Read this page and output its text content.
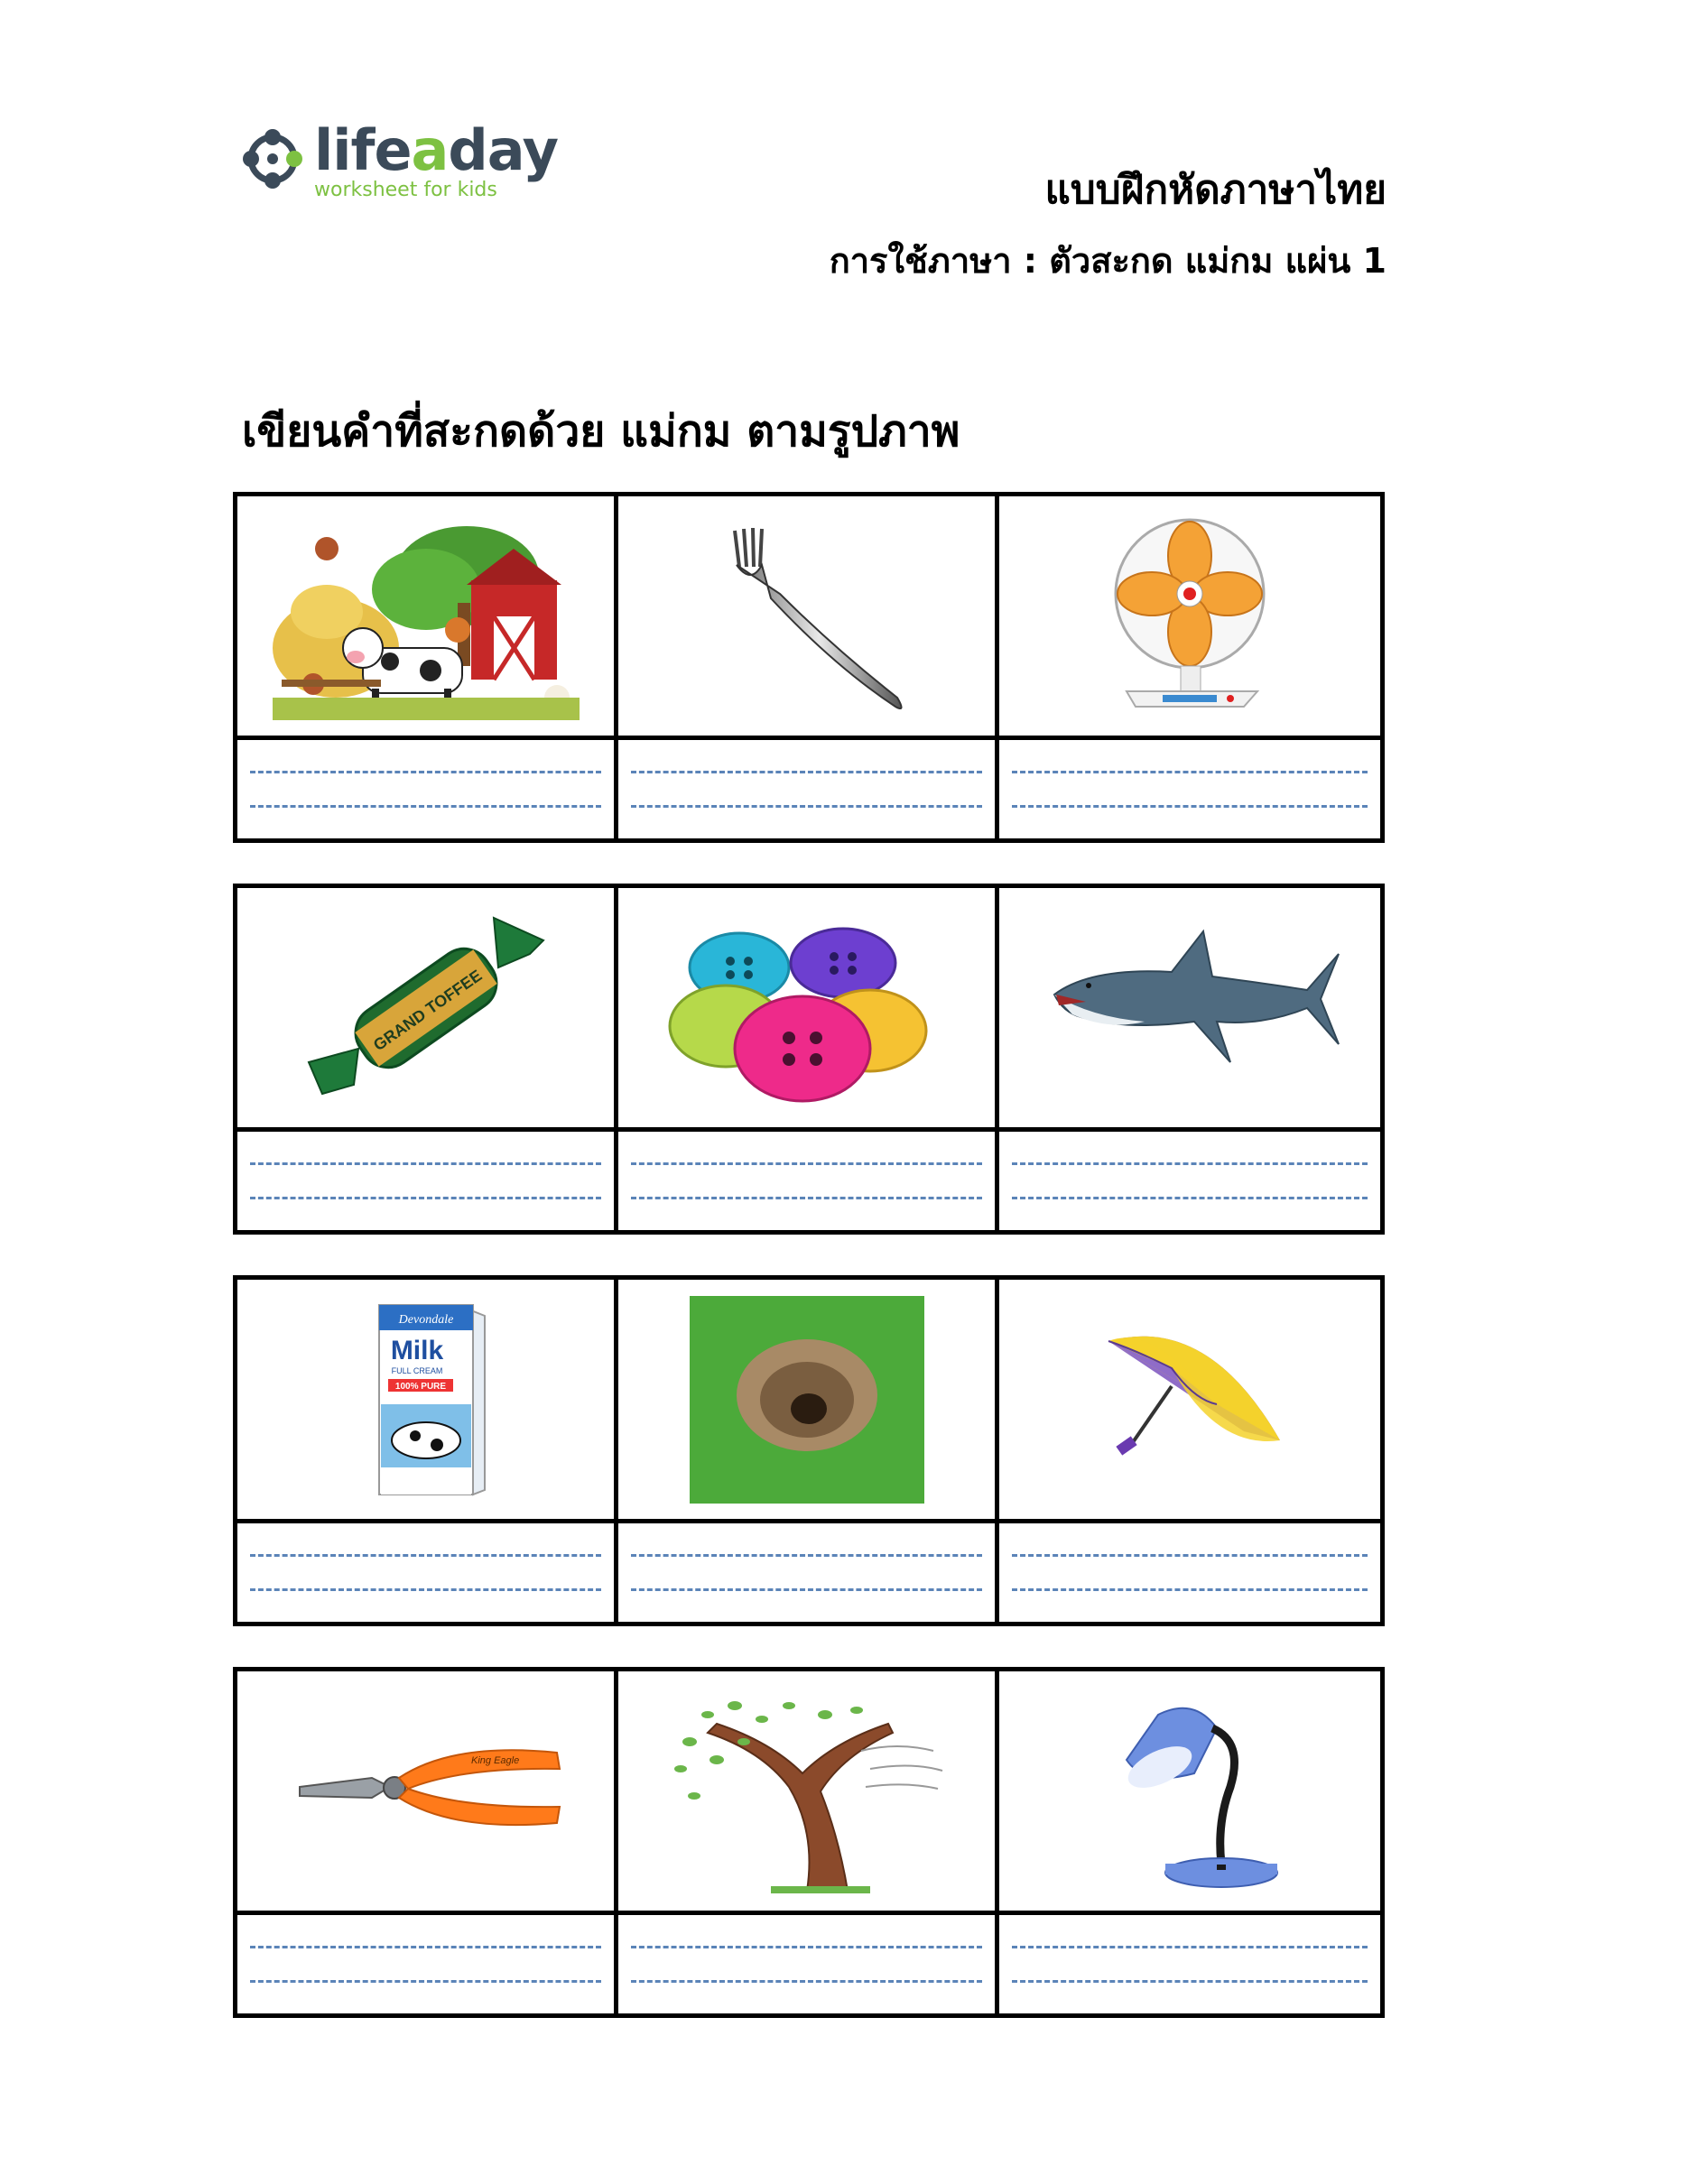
lifeaday
worksheet for kids	แบบฝึกหัดภาษาไทย
การใช้ภาษา : ตัวสะกด แม่กม แผ่น 1
เขียนคำที่สะกดด้วย แม่กม ตามรูปภาพ
GRAND TOFFEE
Devondale
Milk
FULL CREAM
100% PURE
King Eagle
